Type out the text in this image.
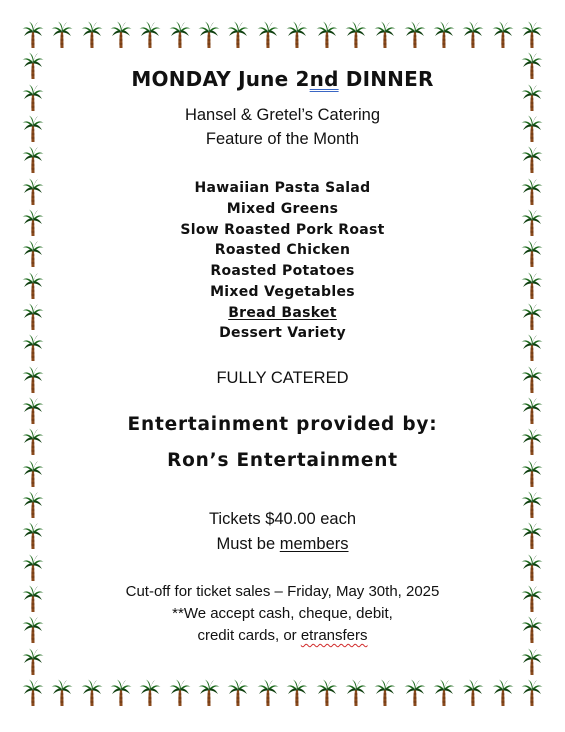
MONDAY June 2nd DINNER
Hansel & Gretel’s Catering
Feature of the Month
Hawaiian Pasta Salad
Mixed Greens
Slow Roasted Pork Roast
Roasted Chicken
Roasted Potatoes
Mixed Vegetables
Bread Basket
Dessert Variety
FULLY CATERED
Entertainment provided by:
Ron’s Entertainment
Tickets $40.00 each
Must be members
Cut-off for ticket sales – Friday, May 30th, 2025
**We accept cash, cheque, debit,
credit cards, or etransfers
